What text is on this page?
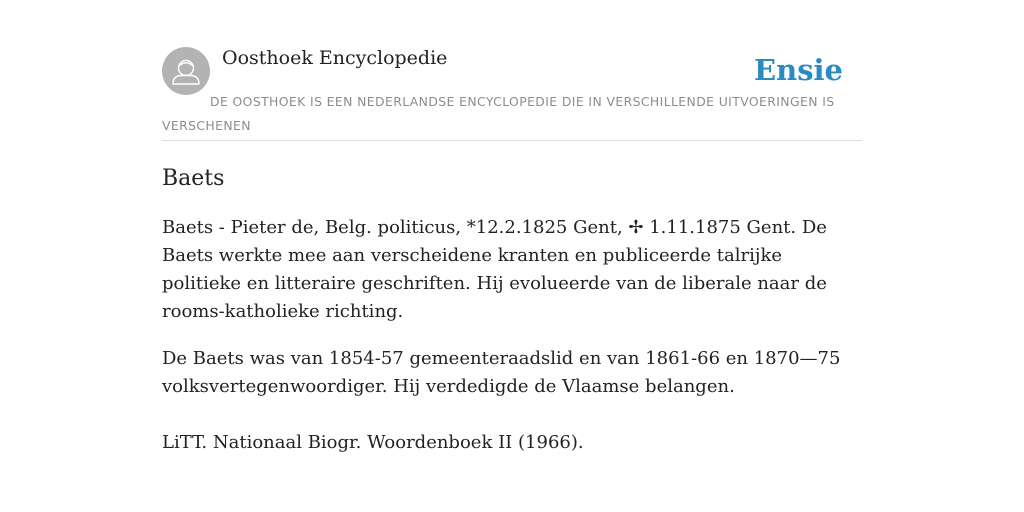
Oosthoek Encyclopedie	Ensie
DE OOSTHOEK IS EEN NEDERLANDSE ENCYCLOPEDIE DIE IN VERSCHILLENDE UITVOERINGEN IS VERSCHENEN
Baets

Baets - Pieter de, Belg. politicus, *12.2.1825 Gent, ✢ 1.11.1875 Gent. De Baets werkte mee aan verscheidene kranten en publiceerde talrijke politieke en litteraire geschriften. Hij evolueerde van de liberale naar de rooms-katholieke richting.

De Baets was van 1854-57 gemeenteraadslid en van 1861-66 en 1870—75 volksvertegenwoordiger. Hij verdedigde de Vlaamse belangen.

LiTT. Nationaal Biogr. Woordenboek II (1966).
